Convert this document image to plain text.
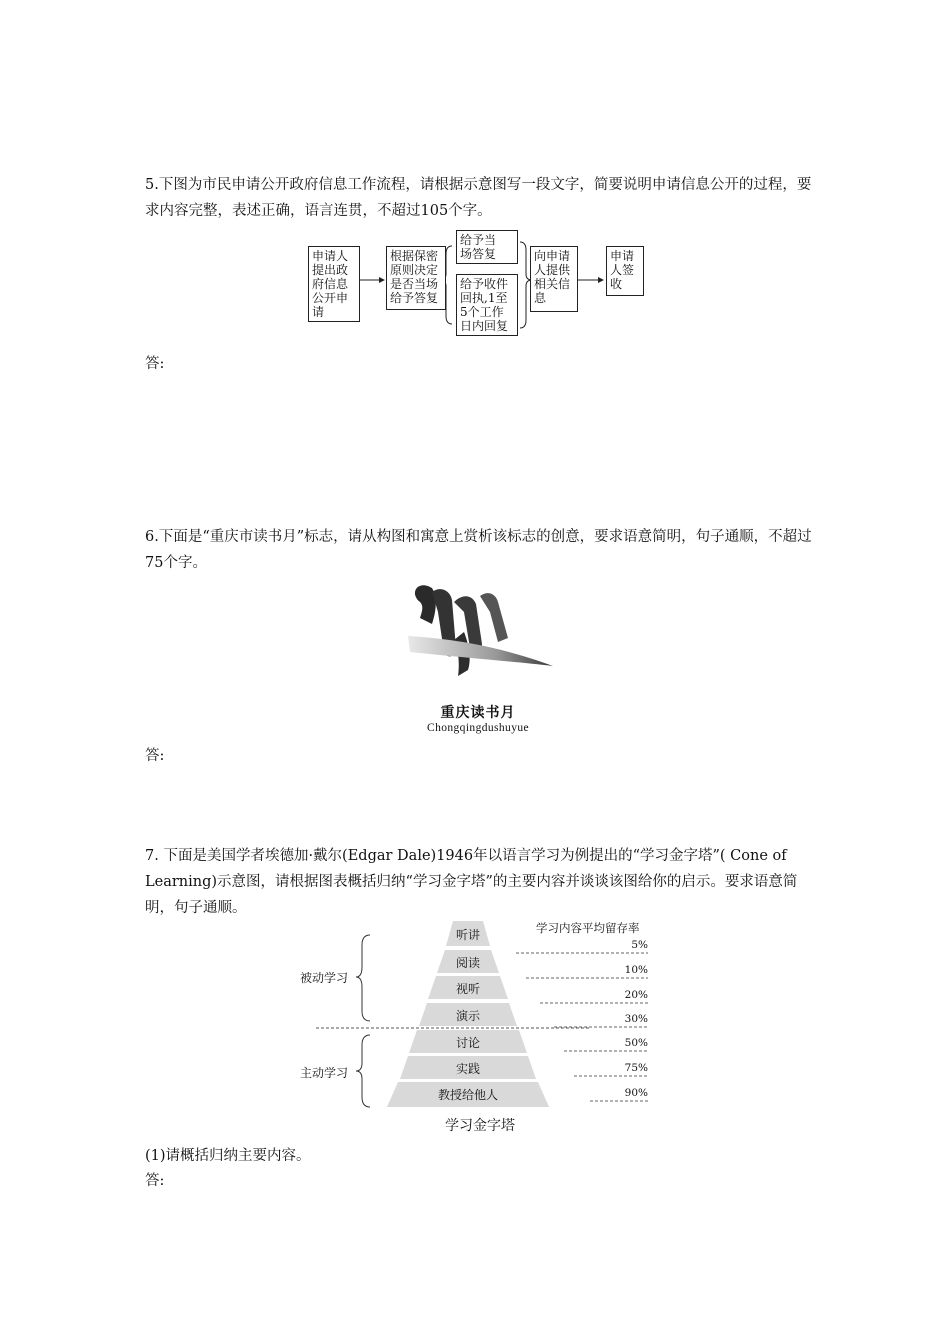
5.下图为市民申请公开政府信息工作流程，请根据示意图写一段文字，简要说明申请信息公开的过程，要求内容完整，表述正确，语言连贯，不超过105个字。

申请人
提出政
府信息
公开申
请
根据保密
原则决定
是否当场
给予答复
给予当
场答复
给予收件
回执,1至
5个工作
日内回复
向申请
人提供
相关信
息
申请
人签
收
答:

6.下面是“重庆市读书月”标志，请从构图和寓意上赏析该标志的创意，要求语意简明，句子通顺，不超过75个字。

重庆读书月
Chongqingdushuyue
答:

7. 下面是美国学者埃德加·戴尔(Edgar Dale)1946年以语言学习为例提出的“学习金字塔”( Cone of Learning)示意图，请根据图表概括归纳“学习金字塔”的主要内容并谈谈该图给你的启示。要求语意简明，句子通顺。

听讲
阅读
视听
演示
讨论
实践
教授给他人
学习内容平均留存率
5%
10%
20%
30%
50%
75%
90%
被动学习
主动学习
学习金字塔
(1)请概括归纳主要内容。
答:
